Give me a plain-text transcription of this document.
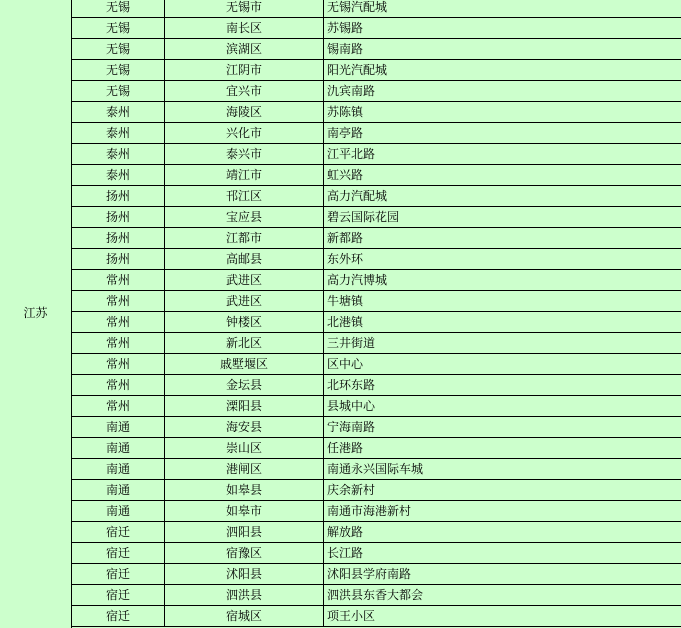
江苏
无锡	无锡市	无锡汽配城
无锡	南长区	苏锡路
无锡	滨湖区	锡南路
无锡	江阴市	阳光汽配城
无锡	宜兴市	氿宾南路
泰州	海陵区	苏陈镇
泰州	兴化市	南亭路
泰州	泰兴市	江平北路
泰州	靖江市	虹兴路
扬州	邗江区	高力汽配城
扬州	宝应县	碧云国际花园
扬州	江都市	新都路
扬州	高邮县	东外环
常州	武进区	高力汽博城
常州	武进区	牛塘镇
常州	钟楼区	北港镇
常州	新北区	三井街道
常州	戚墅堰区	区中心
常州	金坛县	北环东路
常州	溧阳县	县城中心
南通	海安县	宁海南路
南通	崇山区	任港路
南通	港闸区	南通永兴国际车城
南通	如皋县	庆余新村
南通	如皋市	南通市海港新村
宿迁	泗阳县	解放路
宿迁	宿豫区	长江路
宿迁	沭阳县	沭阳县学府南路
宿迁	泗洪县	泗洪县东香大都会
宿迁	宿城区	项王小区
